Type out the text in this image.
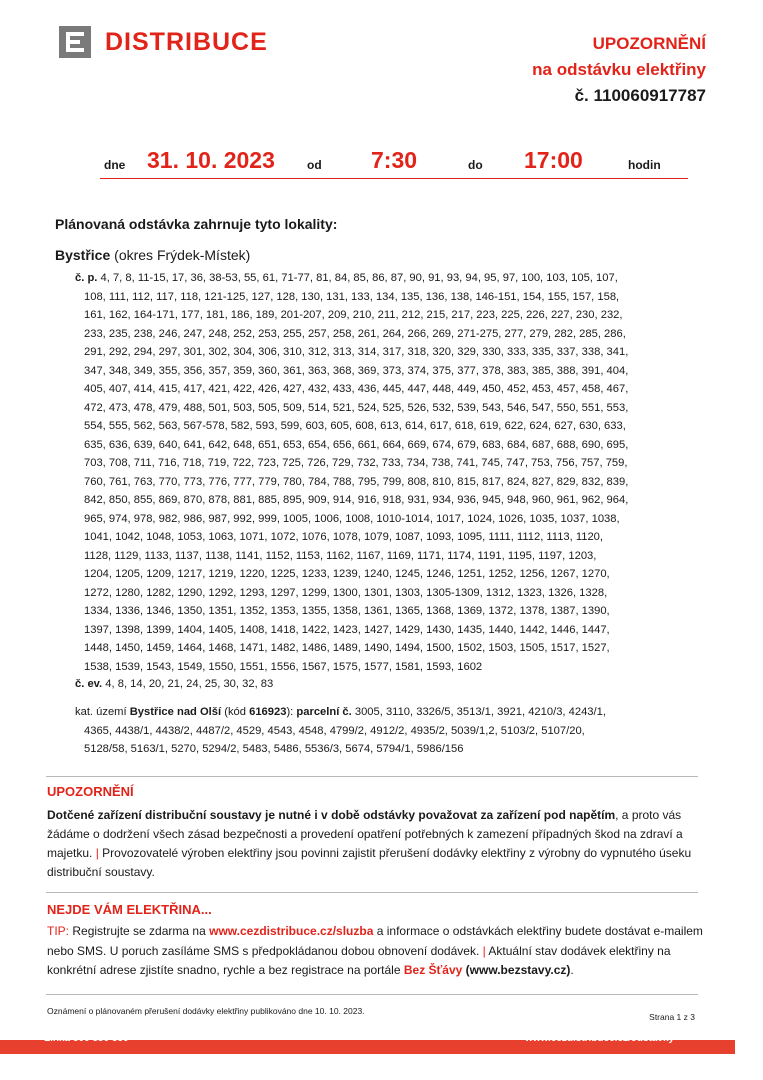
DISTRIBUCE	UPOZORNĚNÍ
na odstávku elektřiny
č. 110060917787
dne 31. 10. 2023	od 7:30	do 17:00	hodin
Plánovaná odstávka zahrnuje tyto lokality:
Bystřice (okres Frýdek-Místek)
č. p. 4, 7, 8, 11-15, 17, 36, 38-53, 55, 61, 71-77, 81, 84, 85, 86, 87, 90, 91, 93, 94, 95, 97, 100, 103, 105, 107,
108, 111, 112, 117, 118, 121-125, 127, 128, 130, 131, 133, 134, 135, 136, 138, 146-151, 154, 155, 157, 158,
161, 162, 164-171, 177, 181, 186, 189, 201-207, 209, 210, 211, 212, 215, 217, 223, 225, 226, 227, 230, 232,
233, 235, 238, 246, 247, 248, 252, 253, 255, 257, 258, 261, 264, 266, 269, 271-275, 277, 279, 282, 285, 286,
291, 292, 294, 297, 301, 302, 304, 306, 310, 312, 313, 314, 317, 318, 320, 329, 330, 333, 335, 337, 338, 341,
347, 348, 349, 355, 356, 357, 359, 360, 361, 363, 368, 369, 373, 374, 375, 377, 378, 383, 385, 388, 391, 404,
405, 407, 414, 415, 417, 421, 422, 426, 427, 432, 433, 436, 445, 447, 448, 449, 450, 452, 453, 457, 458, 467,
472, 473, 478, 479, 488, 501, 503, 505, 509, 514, 521, 524, 525, 526, 532, 539, 543, 546, 547, 550, 551, 553,
554, 555, 562, 563, 567-578, 582, 593, 599, 603, 605, 608, 613, 614, 617, 618, 619, 622, 624, 627, 630, 633,
635, 636, 639, 640, 641, 642, 648, 651, 653, 654, 656, 661, 664, 669, 674, 679, 683, 684, 687, 688, 690, 695,
703, 708, 711, 716, 718, 719, 722, 723, 725, 726, 729, 732, 733, 734, 738, 741, 745, 747, 753, 756, 757, 759,
760, 761, 763, 770, 773, 776, 777, 779, 780, 784, 788, 795, 799, 808, 810, 815, 817, 824, 827, 829, 832, 839,
842, 850, 855, 869, 870, 878, 881, 885, 895, 909, 914, 916, 918, 931, 934, 936, 945, 948, 960, 961, 962, 964,
965, 974, 978, 982, 986, 987, 992, 999, 1005, 1006, 1008, 1010-1014, 1017, 1024, 1026, 1035, 1037, 1038,
1041, 1042, 1048, 1053, 1063, 1071, 1072, 1076, 1078, 1079, 1087, 1093, 1095, 1111, 1112, 1113, 1120,
1128, 1129, 1133, 1137, 1138, 1141, 1152, 1153, 1162, 1167, 1169, 1171, 1174, 1191, 1195, 1197, 1203,
1204, 1205, 1209, 1217, 1219, 1220, 1225, 1233, 1239, 1240, 1245, 1246, 1251, 1252, 1256, 1267, 1270,
1272, 1280, 1282, 1290, 1292, 1293, 1297, 1299, 1300, 1301, 1303, 1305-1309, 1312, 1323, 1326, 1328,
1334, 1336, 1346, 1350, 1351, 1352, 1353, 1355, 1358, 1361, 1365, 1368, 1369, 1372, 1378, 1387, 1390,
1397, 1398, 1399, 1404, 1405, 1408, 1418, 1422, 1423, 1427, 1429, 1430, 1435, 1440, 1442, 1446, 1447,
1448, 1450, 1459, 1464, 1468, 1471, 1482, 1486, 1489, 1490, 1494, 1500, 1502, 1503, 1505, 1517, 1527,
1538, 1539, 1543, 1549, 1550, 1551, 1556, 1567, 1575, 1577, 1581, 1593, 1602
č. ev. 4, 8, 14, 20, 21, 24, 25, 30, 32, 83
kat. území Bystřice nad Olší (kód 616923): parcelní č. 3005, 3110, 3326/5, 3513/1, 3921, 4210/3, 4243/1,
4365, 4438/1, 4438/2, 4487/2, 4529, 4543, 4548, 4799/2, 4912/2, 4935/2, 5039/1,2, 5103/2, 5107/20,
5128/58, 5163/1, 5270, 5294/2, 5483, 5486, 5536/3, 5674, 5794/1, 5986/156
UPOZORNĚNÍ
Dotčené zařízení distribuční soustavy je nutné i v době odstávky považovat za zařízení pod napětím, a proto vás žádáme o dodržení všech zásad bezpečnosti a provedení opatření potřebných k zamezení případných škod na zdraví a majetku. | Provozovatelé výroben elektřiny jsou povinni zajistit přerušení dodávky elektřiny z výrobny do vypnutého úseku distribuční soustavy.
NEJDE VÁM ELEKTŘINA...
TIP: Registrujte se zdarma na www.cezdistribuce.cz/sluzba a informace o odstávkách elektřiny budete dostávat e-mailem nebo SMS. U poruch zasíláme SMS s předpokládanou dobou obnovení dodávek. | Aktuální stav dodávek elektřiny na konkrétní adrese zjistíte snadno, rychle a bez registrace na portále Bez Šťávy (www.bezstavy.cz).
Oznámení o plánovaném přerušení dodávky elektřiny publikováno dne 10. 10. 2023.
Strana 1 z 3
Linka 800 850 860	www.cezdistribuce.cz/odstavky
